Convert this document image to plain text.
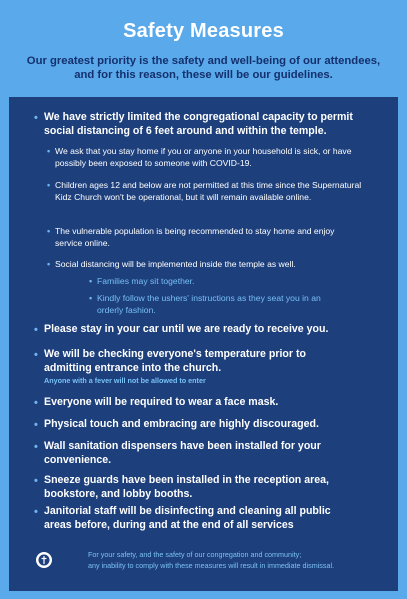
Safety Measures
Our greatest priority is the safety and well-being of our attendees, and for this reason, these will be our guidelines.
• We have strictly limited the congregational capacity to permit social distancing of 6 feet around and within the temple.
• We ask that you stay home if you or anyone in your household is sick, or have possibly been exposed to someone with COVID-19.
• Children ages 12 and below are not permitted at this time since the Supernatural Kidz Church won't be operational, but it will remain available online.
• The vulnerable population is being recommended to stay home and enjoy service online.
• Social distancing will be implemented inside the temple as well.
• Families may sit together.
• Kindly follow the ushers' instructions as they seat you in an orderly fashion.
• Please stay in your car until we are ready to receive you.
• We will be checking everyone's temperature prior to admitting entrance into the church.
Anyone with a fever will not be allowed to enter
• Everyone will be required to wear a face mask.
• Physical touch and embracing are highly discouraged.
• Wall sanitation dispensers have been installed for your convenience.
• Sneeze guards have been installed in the reception area, bookstore, and lobby booths.
• Janitorial staff will be disinfecting and cleaning all public areas before, during and at the end of all services
For your safety, and the safety of our congregation and community;
any inability to comply with these measures will result in immediate dismissal.
